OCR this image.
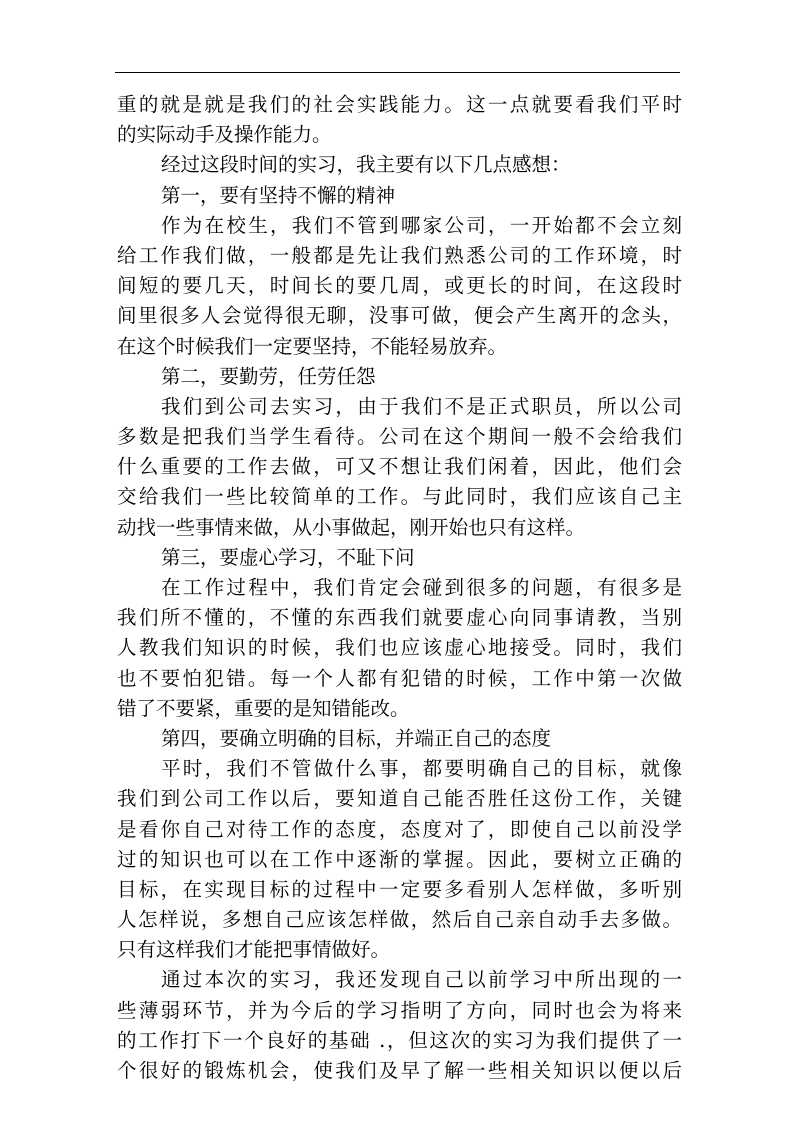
重的就是就是我们的社会实践能力。这一点就要看我们平时
的实际动手及操作能力。
经过这段时间的实习，我主要有以下几点感想：
第一，要有坚持不懈的精神
作为在校生，我们不管到哪家公司，一开始都不会立刻
给工作我们做，一般都是先让我们熟悉公司的工作环境，时
间短的要几天，时间长的要几周，或更长的时间，在这段时
间里很多人会觉得很无聊，没事可做，便会产生离开的念头，
在这个时候我们一定要坚持，不能轻易放弃。
第二，要勤劳，任劳任怨
我们到公司去实习，由于我们不是正式职员，所以公司
多数是把我们当学生看待。公司在这个期间一般不会给我们
什么重要的工作去做，可又不想让我们闲着，因此，他们会
交给我们一些比较简单的工作。与此同时，我们应该自己主
动找一些事情来做，从小事做起，刚开始也只有这样。
第三，要虚心学习，不耻下问
在工作过程中，我们肯定会碰到很多的问题，有很多是
我们所不懂的，不懂的东西我们就要虚心向同事请教，当别
人教我们知识的时候，我们也应该虚心地接受。同时，我们
也不要怕犯错。每一个人都有犯错的时候，工作中第一次做
错了不要紧，重要的是知错能改。
第四，要确立明确的目标，并端正自己的态度
平时，我们不管做什么事，都要明确自己的目标，就像
我们到公司工作以后，要知道自己能否胜任这份工作，关键
是看你自己对待工作的态度，态度对了，即使自己以前没学
过的知识也可以在工作中逐渐的掌握。因此，要树立正确的
目标，在实现目标的过程中一定要多看别人怎样做，多听别
人怎样说，多想自己应该怎样做，然后自己亲自动手去多做。
只有这样我们才能把事情做好。
通过本次的实习，我还发现自己以前学习中所出现的一
些薄弱环节，并为今后的学习指明了方向，同时也会为将来
的工作打下一个良好的基础 .，但这次的实习为我们提供了一
个很好的锻炼机会，使我们及早了解一些相关知识以便以后
